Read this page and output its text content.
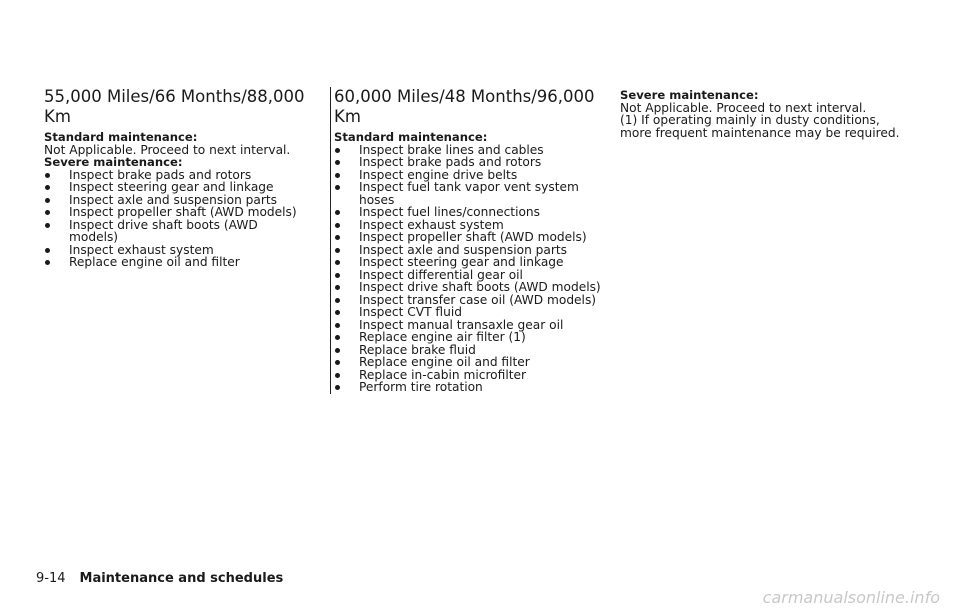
55,000 Miles/66 Months/88,000 Km
Standard maintenance:

Not Applicable. Proceed to next interval.

Severe maintenance:
Inspect brake pads and rotors
Inspect steering gear and linkage
Inspect axle and suspension parts
Inspect propeller shaft (AWD models)
Inspect drive shaft boots (AWD models)
Inspect exhaust system
Replace engine oil and filter
60,000 Miles/48 Months/96,000 Km
Standard maintenance:
Inspect brake lines and cables
Inspect brake pads and rotors
Inspect engine drive belts
Inspect fuel tank vapor vent system hoses
Inspect fuel lines/connections
Inspect exhaust system
Inspect propeller shaft (AWD models)
Inspect axle and suspension parts
Inspect steering gear and linkage
Inspect differential gear oil
Inspect drive shaft boots (AWD models)
Inspect transfer case oil (AWD models)
Inspect CVT fluid
Inspect manual transaxle gear oil
Replace engine air filter (1)
Replace brake fluid
Replace engine oil and filter
Replace in-cabin microfilter
Perform tire rotation
Severe maintenance:

Not Applicable. Proceed to next interval.

(1) If operating mainly in dusty conditions, more frequent maintenance may be required.

9-14 Maintenance and schedules
carmanualsonline.info
